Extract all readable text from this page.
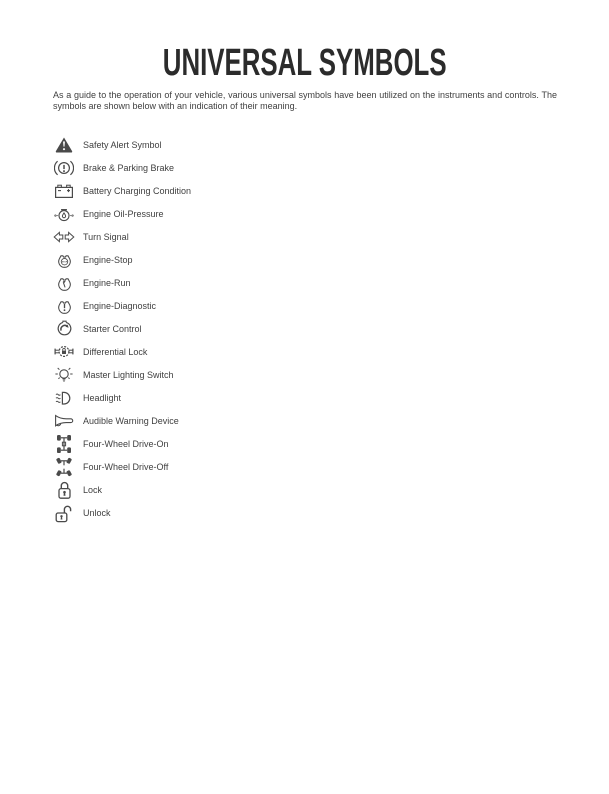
UNIVERSAL SYMBOLS

As a guide to the operation of your vehicle, various universal symbols have been utilized on the instruments and controls. The symbols are shown below with an indication of their meaning.

Safety Alert Symbol
Brake & Parking Brake
Battery Charging Condition
Engine Oil-Pressure
Turn Signal
STOP Engine-Stop
Engine-Run
Engine-Diagnostic
Starter Control
Differential Lock
Master Lighting Switch
Headlight
Audible Warning Device
Four-Wheel Drive-On
Four-Wheel Drive-Off
Lock
Unlock
